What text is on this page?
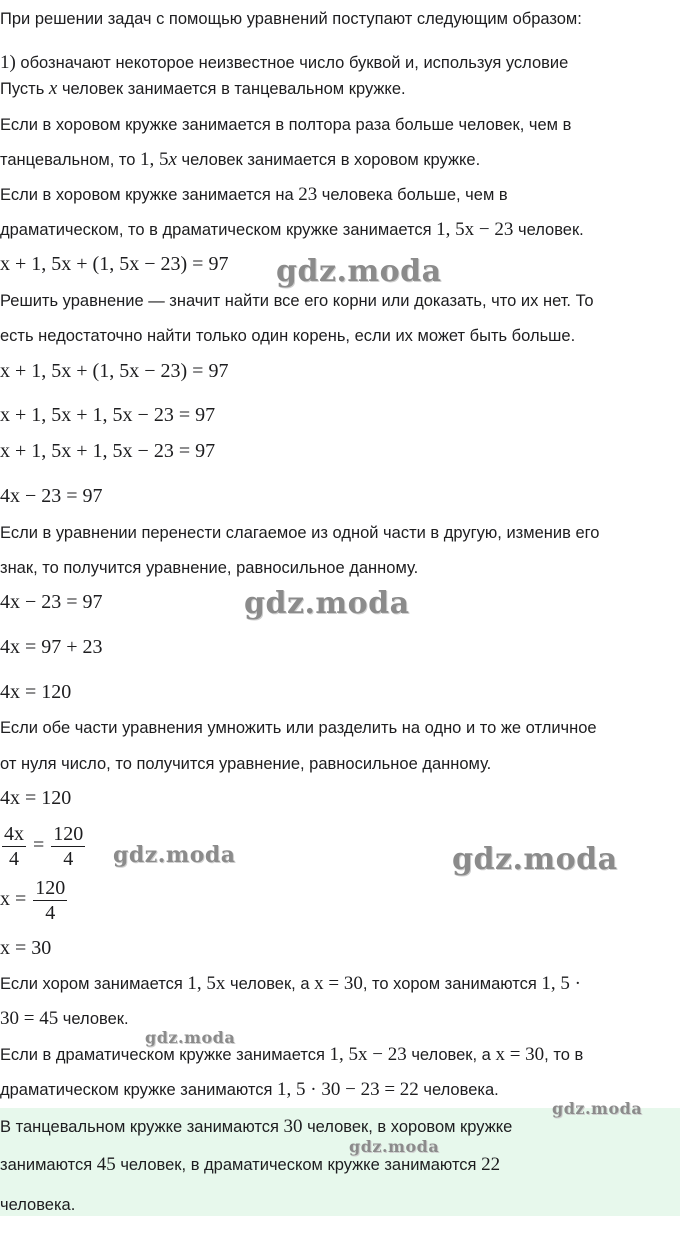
При решении задач с помощью уравнений поступают следующим образом:
1) обозначают некоторое неизвестное число буквой и, используя условие
Пусть x человек занимается в танцевальном кружке.
Если в хоровом кружке занимается в полтора раза больше человек, чем в
танцевальном, то 1, 5x человек занимается в хоровом кружке.
Если в хоровом кружке занимается на 23 человека больше, чем в
драматическом, то в драматическом кружке занимается 1, 5x − 23 человек.
x + 1, 5x + (1, 5x − 23) = 97
Решить уравнение — значит найти все его корни или доказать, что их нет. То
есть недостаточно найти только один корень, если их может быть больше.
x + 1, 5x + (1, 5x − 23) = 97
x + 1, 5x + 1, 5x − 23 = 97
x + 1, 5x + 1, 5x − 23 = 97
4x − 23 = 97
Если в уравнении перенести слагаемое из одной части в другую, изменив его
знак, то получится уравнение, равносильное данному.
4x − 23 = 97
4x = 97 + 23
4x = 120
Если обе части уравнения умножить или разделить на одно и то же отличное
от нуля число, то получится уравнение, равносильное данному.
4x = 120
$\frac{4x}{4} = \frac{120}{4}$
$x = \frac{120}{4}$
x = 30
Если хором занимается 1, 5x человек, а x = 30, то хором занимаются 1, 5 ·
30 = 45 человек.
Если в драматическом кружке занимается 1, 5x − 23 человек, а x = 30, то в
драматическом кружке занимаются 1, 5 · 30 − 23 = 22 человека.
В танцевальном кружке занимаются 30 человек, в хоровом кружке
занимаются 45 человек, в драматическом кружке занимаются 22
человека.
gdz.moda
gdz.moda
gdz.moda	gdz.moda
gdz.moda
gdz.moda
gdz.moda
